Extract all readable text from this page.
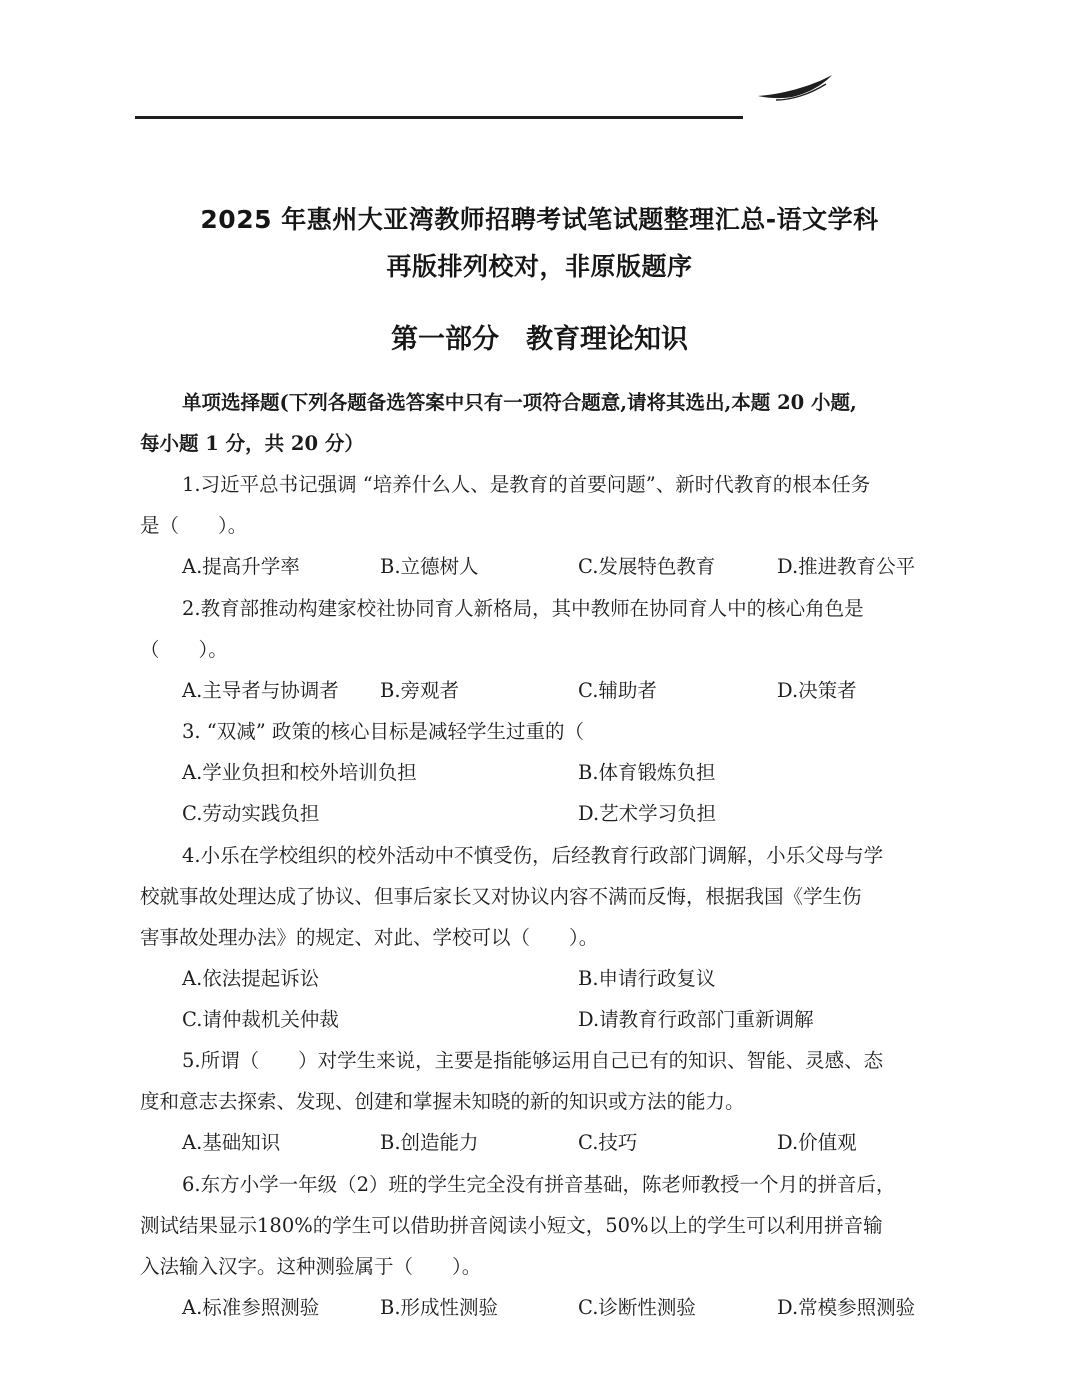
2025 年惠州大亚湾教师招聘考试笔试题整理汇总-语文学科
再版排列校对，非原版题序
第一部分　教育理论知识
单项选择题(下列各题备选答案中只有一项符合题意,请将其选出,本题 20 小题,
每小题 1 分，共 20 分）
1.习近平总书记强调 “培养什么人、是教育的首要问题”、新时代教育的根本任务
是（　　）。
A.提高升学率	B.立德树人	C.发展特色教育	D.推进教育公平
2.教育部推动构建家校社协同育人新格局，其中教师在协同育人中的核心角色是
（　　）。
A.主导者与协调者 B.旁观者	C.辅助者	D.决策者
3. “双减” 政策的核心目标是减轻学生过重的（
A.学业负担和校外培训负担	B.体育锻炼负担
C.劳动实践负担	D.艺术学习负担
4.小乐在学校组织的校外活动中不慎受伤，后经教育行政部门调解，小乐父母与学
校就事故处理达成了协议、但事后家长又对协议内容不满而反悔，根据我国《学生伤
害事故处理办法》的规定、对此、学校可以（　　）。
A.依法提起诉讼	B.申请行政复议
C.请仲裁机关仲裁	D.请教育行政部门重新调解
5.所谓（　　）对学生来说，主要是指能够运用自己已有的知识、智能、灵感、态
度和意志去探索、发现、创建和掌握未知晓的新的知识或方法的能力。
A.基础知识	B.创造能力	C.技巧	D.价值观
6.东方小学一年级（2）班的学生完全没有拼音基础，陈老师教授一个月的拼音后，
测试结果显示180%的学生可以借助拼音阅读小短文，50%以上的学生可以利用拼音输
入法输入汉字。这种测验属于（　　）。
A.标准参照测验	B.形成性测验	C.诊断性测验	D.常模参照测验
